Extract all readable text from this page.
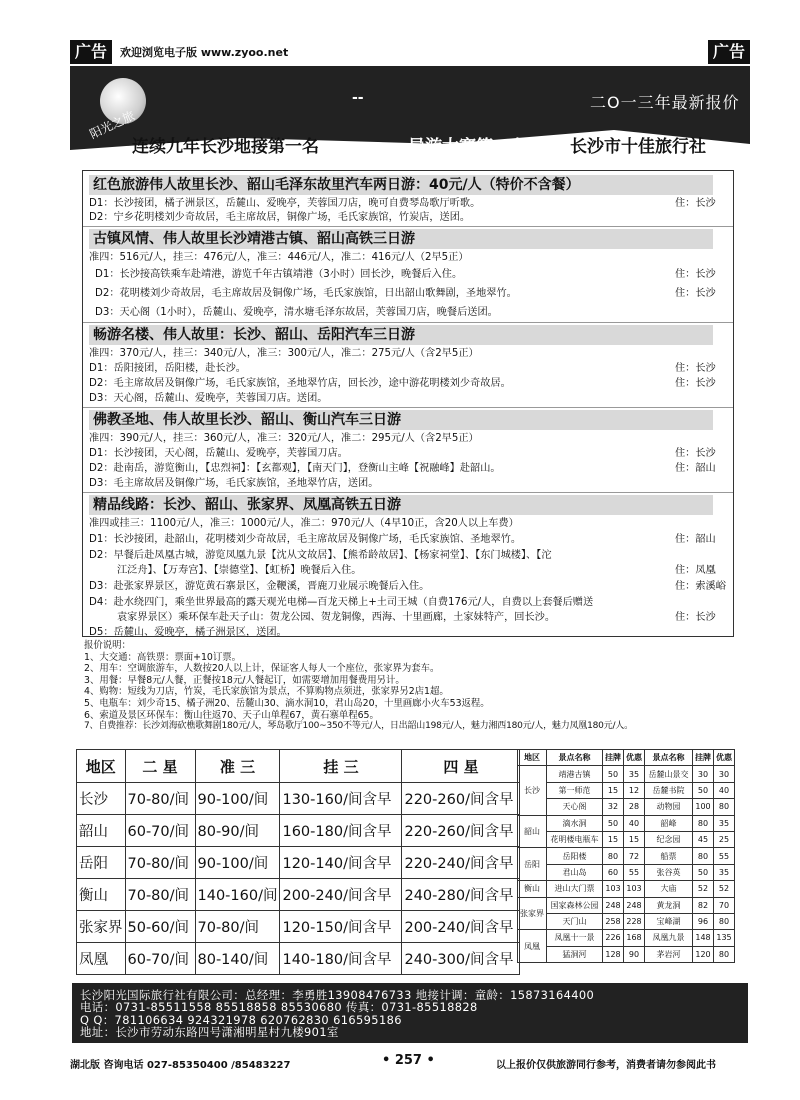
广告	欢迎浏览电子版 www.zyoo.net	广告
阳光之旅
--	二O一三年最新报价
连续九年长沙地接第一名	导游大赛第一名	长沙市十佳旅行社
红色旅游伟人故里长沙、韶山毛泽东故里汽车两日游：40元/人（特价不含餐）
D1：长沙接团，橘子洲景区，岳麓山、爱晚亭，芙蓉国刀店，晚可自费琴岛歌厅听歌。	住：长沙
D2：宁乡花明楼刘少奇故居，毛主席故居，铜像广场，毛氏家族馆，竹炭店，送团。
古镇风情、伟人故里长沙靖港古镇、韶山高铁三日游
准四：516元/人，挂三：476元/人，准三：446元/人，准二：416元/人（2早5正）
D1：长沙接高铁乘车赴靖港，游览千年古镇靖港（3小时）回长沙，晚餐后入住。	住：长沙
D2：花明楼刘少奇故居，毛主席故居及铜像广场，毛氏家族馆，日出韶山歌舞剧，圣地翠竹。	住：长沙
D3：天心阁（1小时），岳麓山、爱晚亭，清水塘毛泽东故居，芙蓉国刀店，晚餐后送团。
畅游名楼、伟人故里：长沙、韶山、岳阳汽车三日游
准四：370元/人，挂三：340元/人，准三：300元/人，准二：275元/人（含2早5正）
D1：岳阳接团，岳阳楼，赴长沙。	住：长沙
D2：毛主席故居及铜像广场，毛氏家族馆，圣地翠竹店，回长沙，途中游花明楼刘少奇故居。	住：长沙
D3：天心阁，岳麓山、爱晚亭，芙蓉国刀店。送团。
佛教圣地、伟人故里长沙、韶山、衡山汽车三日游
准四：390元/人，挂三：360元/人，准三：320元/人，准二：295元/人（含2早5正）
D1：长沙接团，天心阁，岳麓山、爱晚亭，芙蓉国刀店。	住：长沙
D2：赴南岳，游览衡山，【忠烈祠】：【玄都观】，【南天门】，登衡山主峰【祝融峰】赴韶山。	住：韶山
D3：毛主席故居及铜像广场，毛氏家族馆，圣地翠竹店，送团。
精品线路：长沙、韶山、张家界、凤凰高铁五日游
准四或挂三：1100元/人，准三：1000元/人，准二：970元/人（4早10正，含20人以上车费）
D1：长沙接团，赴韶山，花明楼刘少奇故居，毛主席故居及铜像广场，毛氏家族馆、圣地翠竹。	住：韶山
D2：早餐后赴凤凰古城，游览凤凰九景【沈从文故居】、【熊希龄故居】、【杨家祠堂】、【东门城楼】、【沱
江泛舟】、【万寿宫】、【崇德堂】、【虹桥】晚餐后入住。	住：凤凰
D3：赴张家界景区，游览黄石寨景区，金鞭溪，晋鹿刀业展示晚餐后入住。	住：索溪峪
D4：赴水绕四门，乘坐世界最高的露天观光电梯—百龙天梯上+土司王城（自费176元/人，自费以上套餐后赠送
袁家界景区）乘环保车赴天子山：贺龙公园、贺龙铜像，西海、十里画廊，土家妹特产，回长沙。	住：长沙
D5：岳麓山、爱晚亭，橘子洲景区，送团。
报价说明：
1、大交通：高铁票：票面+10订票。
2、用车：空调旅游车，人数按20人以上计，保证客人每人一个座位，张家界为套车。
3、用餐：早餐8元/人餐，正餐按18元/人餐起订，如需要增加用餐费用另计。
4、购物：短线为刀店，竹炭，毛氏家族馆为景点，不算购物点须进，张家界另2店1超。
5、电瓶车：刘少奇15、橘子洲20、岳麓山30、滴水洞10，君山岛20，十里画廊小火车53返程。
6、索道及景区环保车：衡山往返70、天子山单程67，黄石寨单程65。
7、自费推荐：长沙刘海砍樵歌舞剧180元/人，琴岛歌厅100~350不等元/人，日出韶山198元/人，魅力湘西180元/人，魅力凤凰180元/人。
地区	二 星	准 三	挂 三	四 星
长沙	70-80/间	90-100/间	130-160/间含早	220-260/间含早
韶山	60-70/间	80-90/间	160-180/间含早	220-260/间含早
岳阳	70-80/间	90-100/间	120-140/间含早	220-240/间含早
衡山	70-80/间	140-160/间	200-240/间含早	240-280/间含早
张家界	50-60/间	70-80/间	120-150/间含早	200-240/间含早
凤凰	60-70/间	80-140/间	140-180/间含早	240-300/间含早
地区	景点名称	挂牌	优惠	景点名称	挂牌	优惠
长沙	靖港古镇	50	35	岳麓山景交	30	30
	第一师范	15	12	岳麓书院	50	40
	天心阁	32	28	动物园	100	80
韶山	滴水洞	50	40	韶峰	80	35
	花明楼电瓶车	15	15	纪念园	45	25
岳阳	岳阳楼	80	72	船票	80	55
	君山岛	60	55	张谷英	50	35
衡山	进山大门票	103	103	大庙	52	52
张家界	国家森林公园	248	248	黄龙洞	82	70
	天门山	258	228	宝峰湖	96	80
凤凰	凤凰十一景	226	168	凤凰九景	148	135
	猛洞河	128	90	茅岩河	120	80
长沙阳光国际旅行社有限公司：总经理：李勇胜13908476733 地接计调：童龄：15873164400
电话：0731-85511558 85518858 85530680 传真：0731-85518828
Q Q：781106634 924321978 620762830 616595186
地址：长沙市劳动东路四号潇湘明星村九楼901室
湖北版 咨询电话 027-85350400 /85483227	• 257 •	以上报价仅供旅游同行参考，消费者请勿参阅此书
